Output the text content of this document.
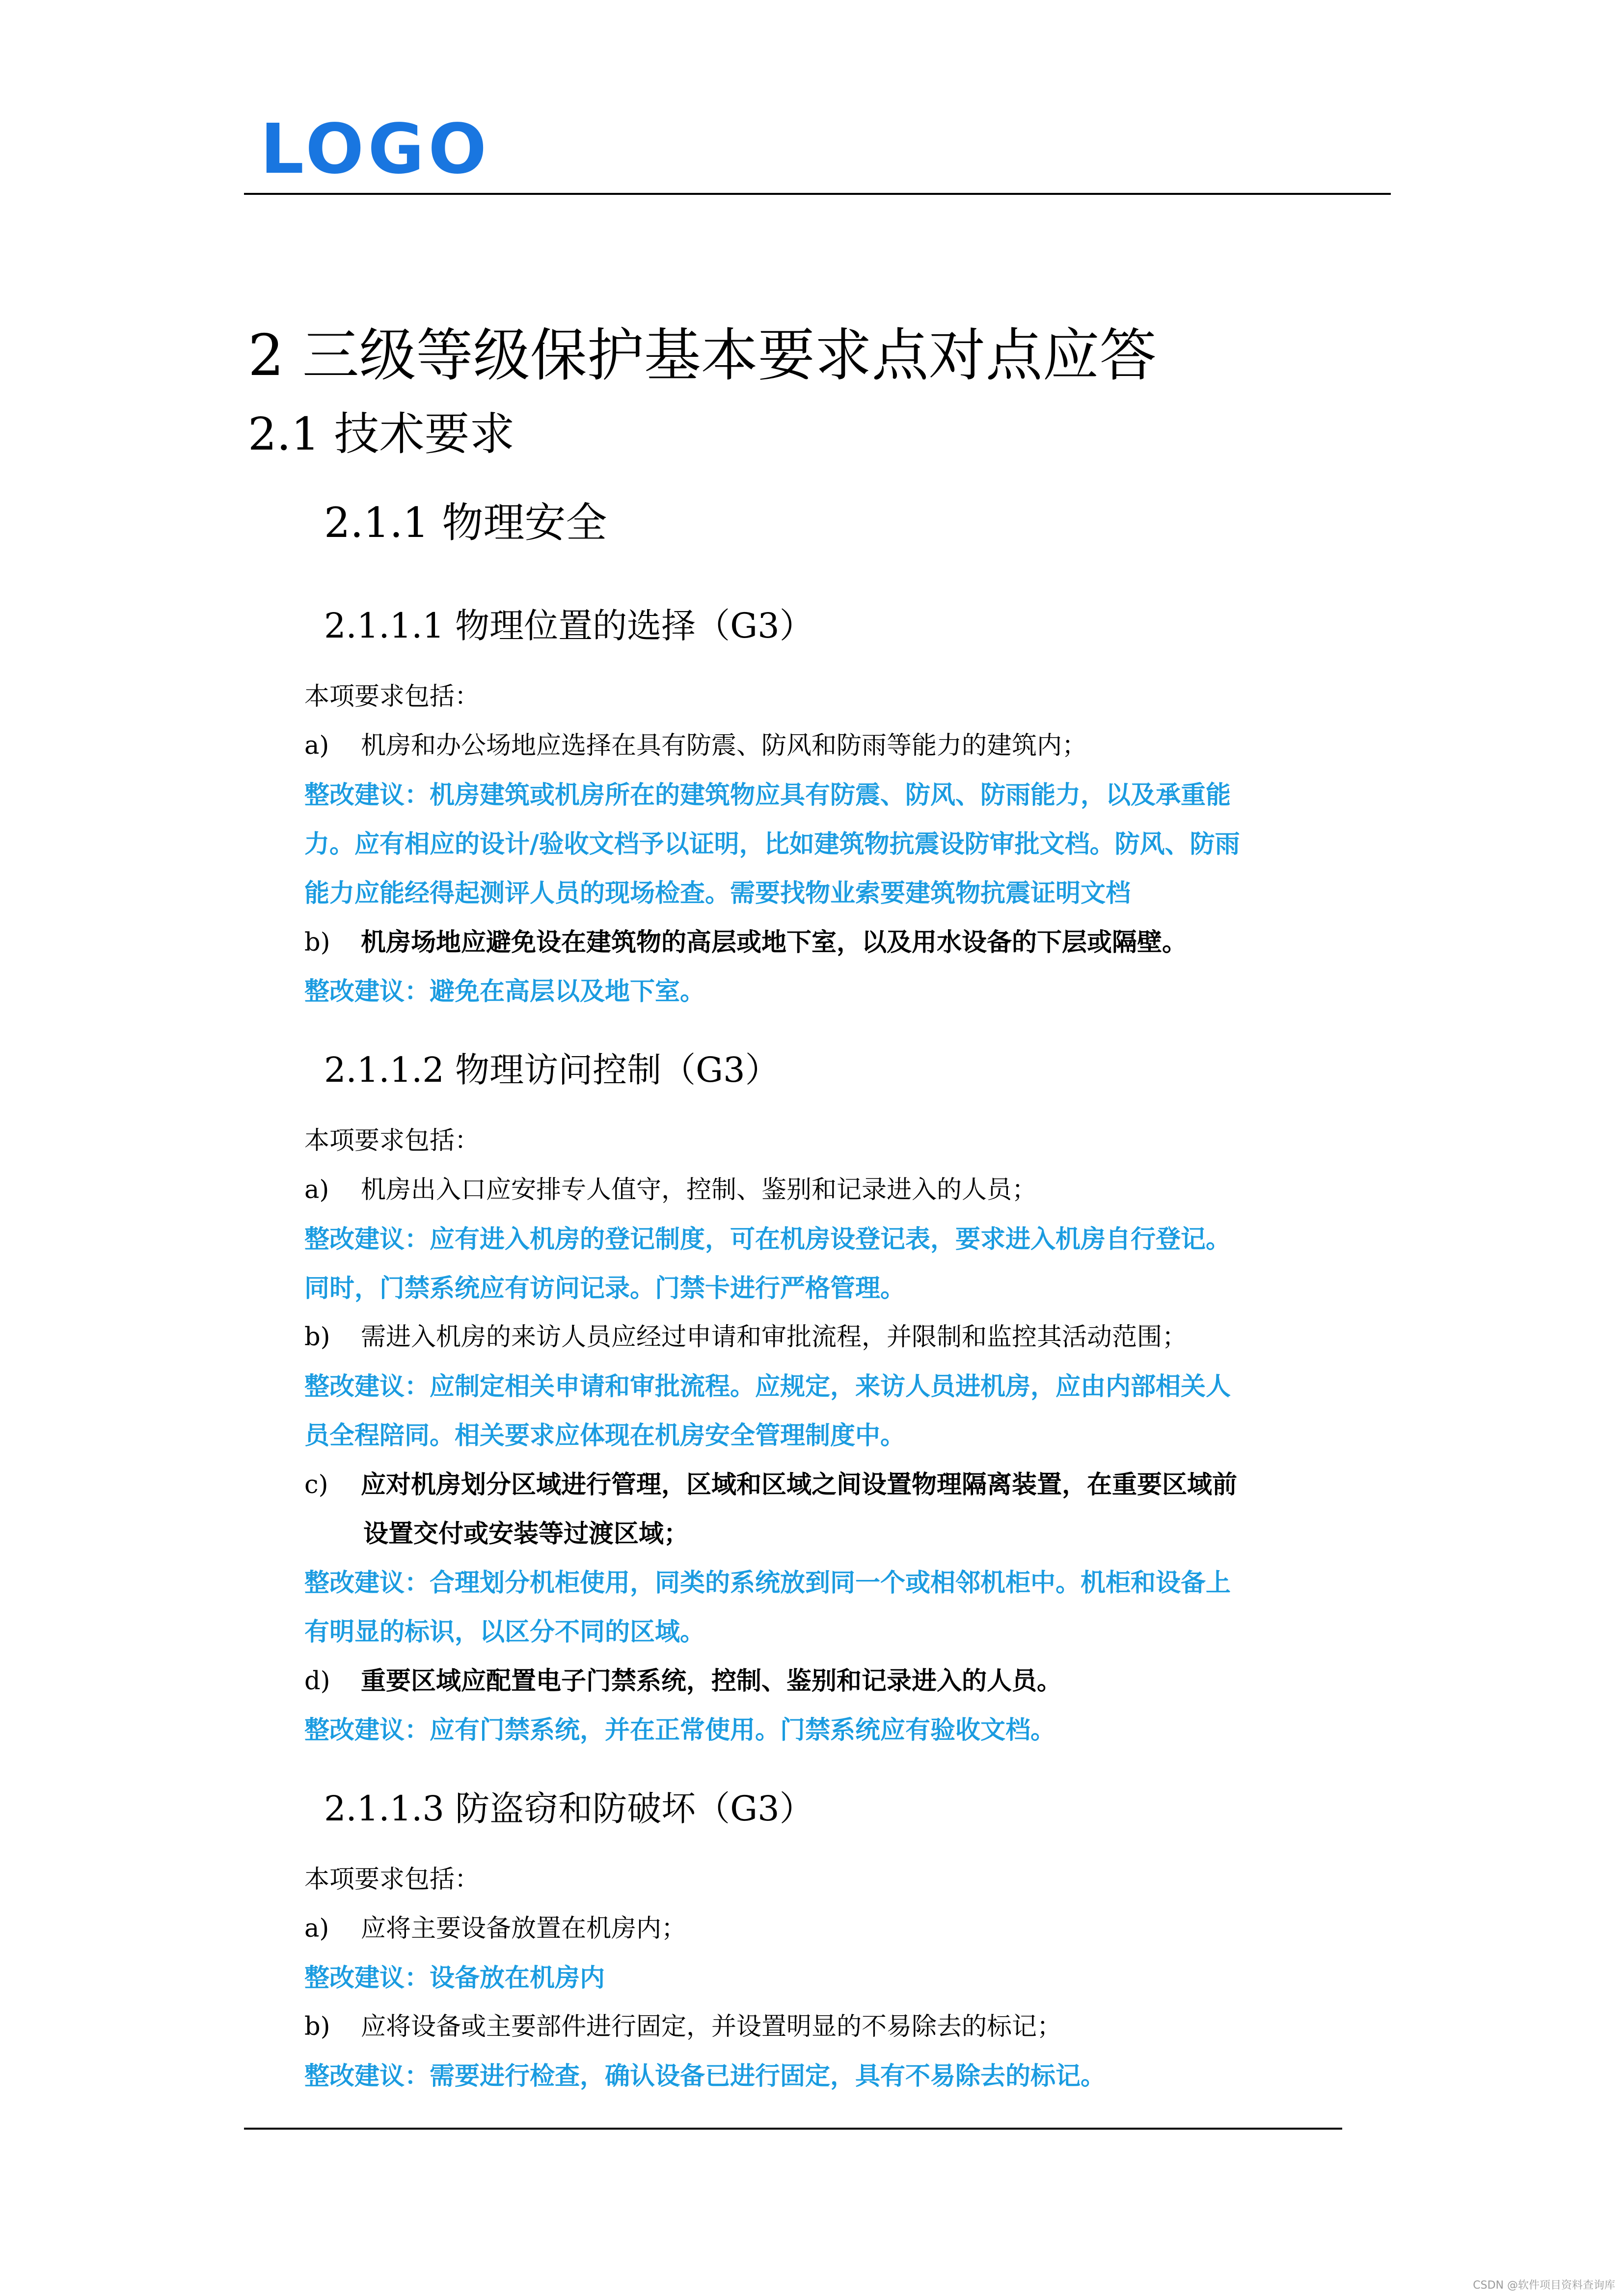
LOGO
2 三级等级保护基本要求点对点应答
2.1 技术要求
2.1.1 物理安全
2.1.1.1 物理位置的选择（G3）
本项要求包括：
a) 机房和办公场地应选择在具有防震、防风和防雨等能力的建筑内；
整改建议：机房建筑或机房所在的建筑物应具有防震、防风、防雨能力，以及承重能
力。应有相应的设计/验收文档予以证明，比如建筑物抗震设防审批文档。防风、防雨
能力应能经得起测评人员的现场检查。需要找物业索要建筑物抗震证明文档
b) 机房场地应避免设在建筑物的高层或地下室，以及用水设备的下层或隔壁。
整改建议：避免在高层以及地下室。
2.1.1.2 物理访问控制（G3）
本项要求包括：
a) 机房出入口应安排专人值守，控制、鉴别和记录进入的人员；
整改建议：应有进入机房的登记制度，可在机房设登记表，要求进入机房自行登记。
同时，门禁系统应有访问记录。门禁卡进行严格管理。
b) 需进入机房的来访人员应经过申请和审批流程，并限制和监控其活动范围；
整改建议：应制定相关申请和审批流程。应规定，来访人员进机房，应由内部相关人
员全程陪同。相关要求应体现在机房安全管理制度中。
c) 应对机房划分区域进行管理，区域和区域之间设置物理隔离装置，在重要区域前
设置交付或安装等过渡区域；
整改建议：合理划分机柜使用，同类的系统放到同一个或相邻机柜中。机柜和设备上
有明显的标识，以区分不同的区域。
d) 重要区域应配置电子门禁系统，控制、鉴别和记录进入的人员。
整改建议：应有门禁系统，并在正常使用。门禁系统应有验收文档。
2.1.1.3 防盗窃和防破坏（G3）
本项要求包括：
a) 应将主要设备放置在机房内；
整改建议：设备放在机房内
b) 应将设备或主要部件进行固定，并设置明显的不易除去的标记；
整改建议：需要进行检查，确认设备已进行固定，具有不易除去的标记。
CSDN @软件项目资料查询库
